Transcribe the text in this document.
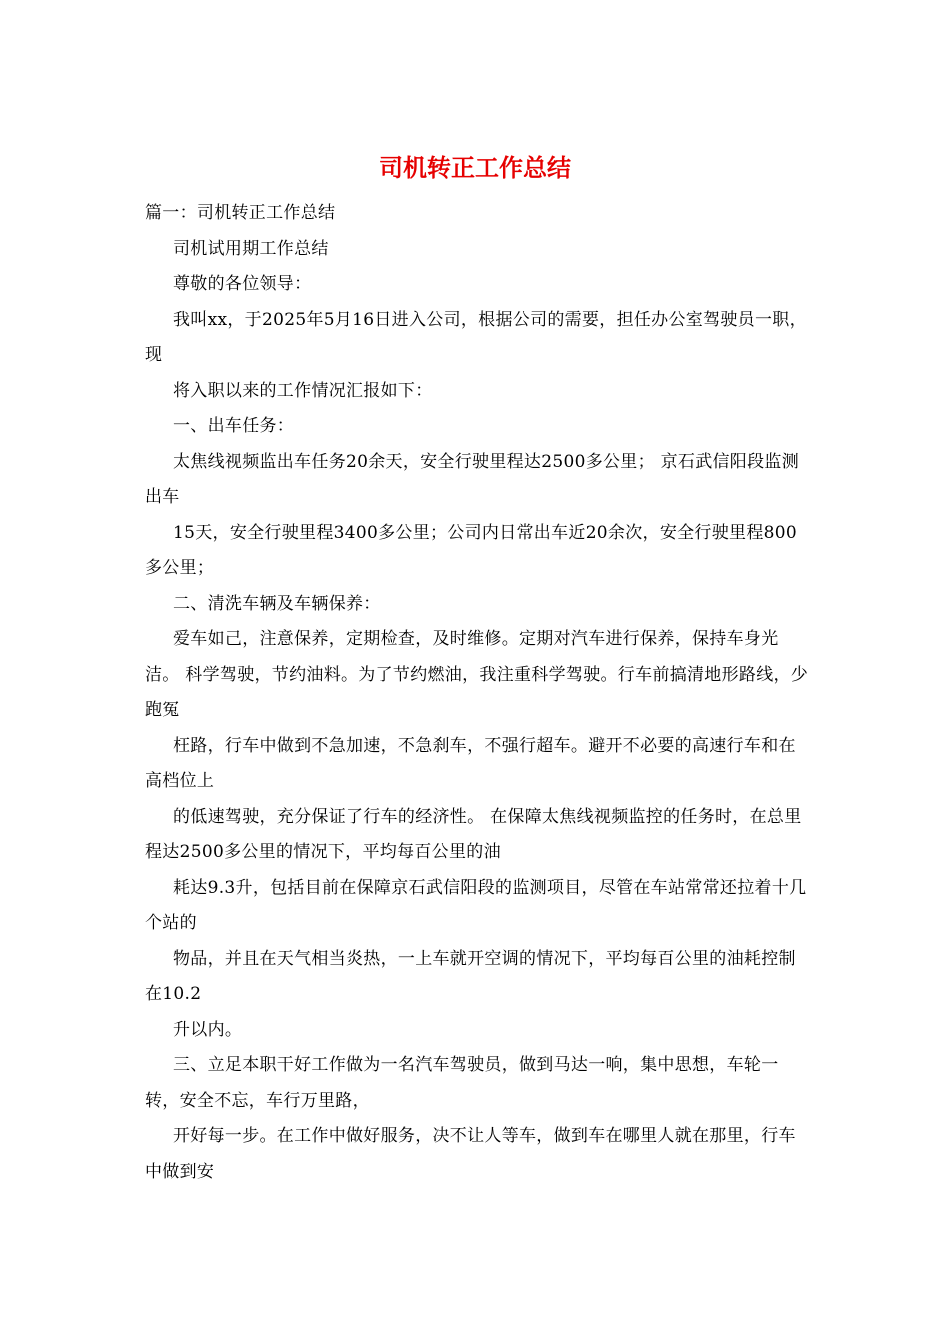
司机转正工作总结

篇一：司机转正工作总结

司机试用期工作总结

尊敬的各位领导：

我叫xx，于2025年5月16日进入公司，根据公司的需要，担任办公室驾驶员一职， 现

将入职以来的工作情况汇报如下：

一、出车任务：

太焦线视频监出车任务20余天，安全行驶里程达2500多公里； 京石武信阳段监测出车

15天，安全行驶里程3400多公里；公司内日常出车近20余次，安全行驶里程800多公里；

二、清洗车辆及车辆保养：

爱车如己，注意保养，定期检查，及时维修。定期对汽车进行保养，保持车身光洁。 科学驾驶，节约油料。为了节约燃油，我注重科学驾驶。行车前搞清地形路线，少跑冤

枉路，行车中做到不急加速，不急刹车，不强行超车。避开不必要的高速行车和在高档位上

的低速驾驶，充分保证了行车的经济性。 在保障太焦线视频监控的任务时，在总里程达2500多公里的情况下，平均每百公里的油

耗达9.3升，包括目前在保障京石武信阳段的监测项目，尽管在车站常常还拉着十几个站的

物品，并且在天气相当炎热，一上车就开空调的情况下，平均每百公里的油耗控制在10.2

升以内。

三、立足本职干好工作做为一名汽车驾驶员，做到马达一响，集中思想，车轮一转，安全不忘，车行万里路，

开好每一步。在工作中做好服务，决不让人等车，做到车在哪里人就在那里，行车中做到安
